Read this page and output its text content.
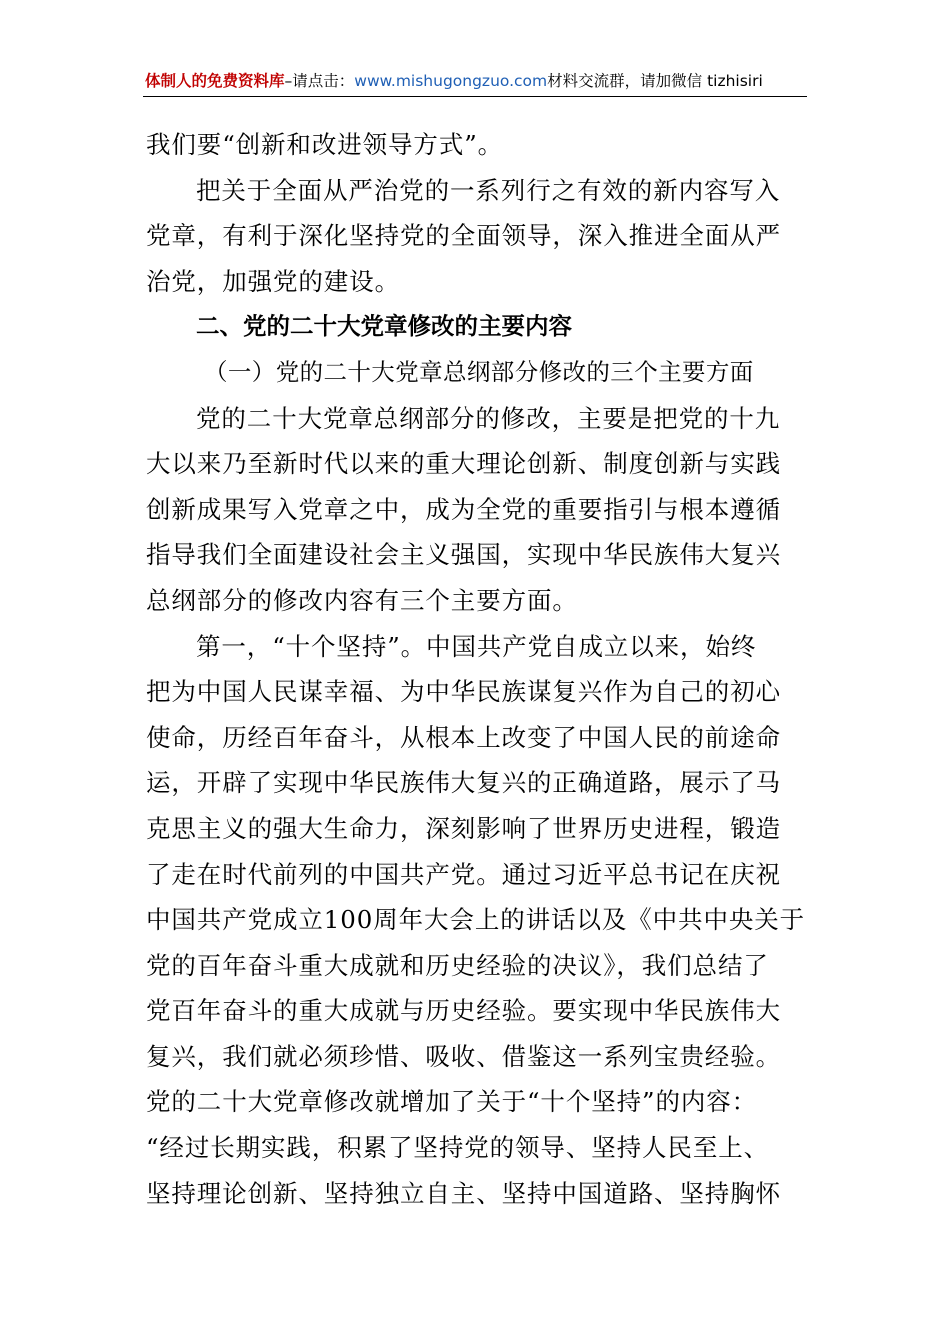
体制人的免费资料库–请点击：www.mishugongzuo.com材料交流群，请加微信 tizhisiri
我们要“创新和改进领导方式”。
把关于全面从严治党的一系列行之有效的新内容写入
党章，有利于深化坚持党的全面领导，深入推进全面从严
治党，加强党的建设。
二、党的二十大党章修改的主要内容
（一）党的二十大党章总纲部分修改的三个主要方面
党的二十大党章总纲部分的修改，主要是把党的十九
大以来乃至新时代以来的重大理论创新、制度创新与实践
创新成果写入党章之中，成为全党的重要指引与根本遵循
指导我们全面建设社会主义强国，实现中华民族伟大复兴
总纲部分的修改内容有三个主要方面。
第一，“十个坚持”。中国共产党自成立以来，始终
把为中国人民谋幸福、为中华民族谋复兴作为自己的初心
使命，历经百年奋斗，从根本上改变了中国人民的前途命
运，开辟了实现中华民族伟大复兴的正确道路，展示了马
克思主义的强大生命力，深刻影响了世界历史进程，锻造
了走在时代前列的中国共产党。通过习近平总书记在庆祝
中国共产党成立100周年大会上的讲话以及《中共中央关于
党的百年奋斗重大成就和历史经验的决议》，我们总结了
党百年奋斗的重大成就与历史经验。要实现中华民族伟大
复兴，我们就必须珍惜、吸收、借鉴这一系列宝贵经验。
党的二十大党章修改就增加了关于“十个坚持”的内容：
“经过长期实践，积累了坚持党的领导、坚持人民至上、
坚持理论创新、坚持独立自主、坚持中国道路、坚持胸怀
